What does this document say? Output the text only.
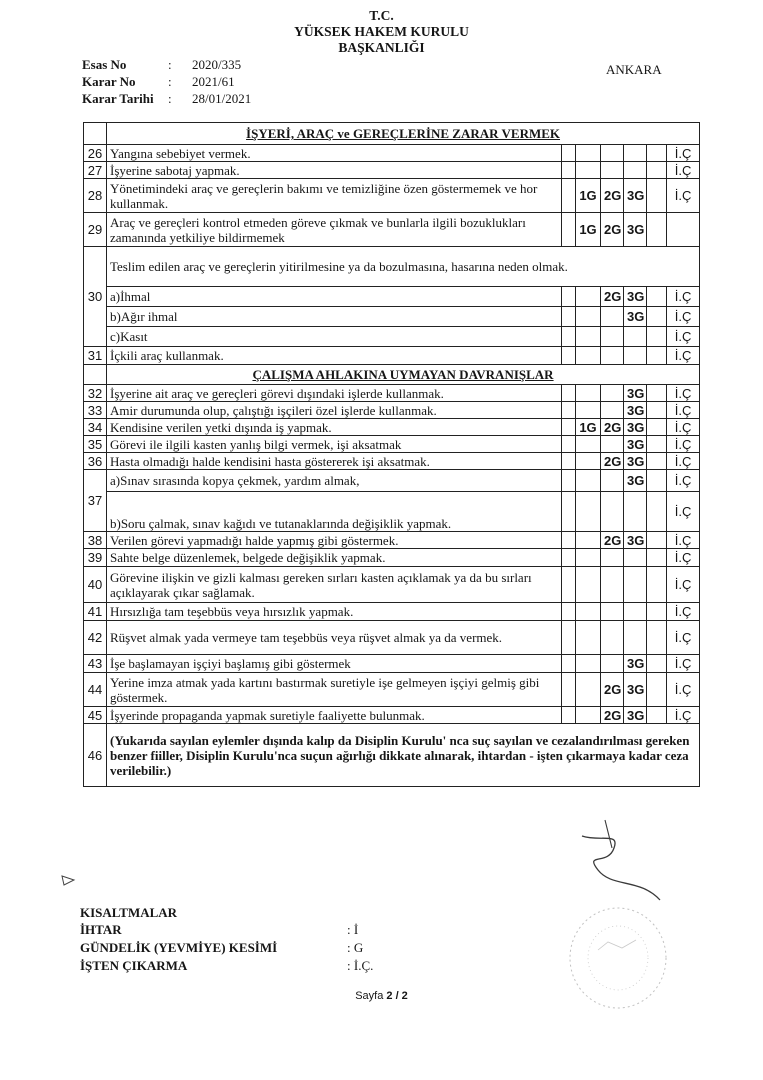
T.C.
YÜKSEK HAKEM KURULU
BAŞKANLIĞI
ANKARA
Esas No	: 2020/335
Karar No : 2021/61
Karar Tarihi : 28/01/2021
	İŞYERİ, ARAÇ ve GEREÇLERİNE ZARAR VERMEK						
26	Yangına sebebiyet vermek.						İ.Ç
27	İşyerine sabotaj yapmak.						İ.Ç
28	Yönetimindeki araç ve gereçlerin bakımı ve temizliğine özen göstermemek ve hor kullanmak.		1G	2G	3G		İ.Ç
29	Araç ve gereçleri kontrol etmeden göreve çıkmak ve bunlarla ilgili bozuklukları zamanında yetkiliye bildirmemek		1G	2G	3G		
30	Teslim edilen araç ve gereçlerin yitirilmesine ya da bozulmasına, hasarına neden olmak.						
	a)İhmal			2G	3G		İ.Ç
	b)Ağır ihmal				3G		İ.Ç
	c)Kasıt						İ.Ç
31	İçkili araç kullanmak.						İ.Ç
	ÇALIŞMA AHLAKINA UYMAYAN DAVRANIŞLAR						
32	İşyerine ait araç ve gereçleri görevi dışındaki işlerde kullanmak.				3G		İ.Ç
33	Amir durumunda olup, çalıştığı işçileri özel işlerde kullanmak.				3G		İ.Ç
34	Kendisine verilen yetki dışında iş yapmak.		1G	2G	3G		İ.Ç
35	Görevi ile ilgili kasten yanlış bilgi vermek, işi aksatmak				3G		İ.Ç
36	Hasta olmadığı halde kendisini hasta göstererek işi aksatmak.			2G	3G		İ.Ç
37	a)Sınav sırasında kopya çekmek, yardım almak,				3G		İ.Ç
	b)Soru çalmak, sınav kağıdı ve tutanaklarında değişiklik yapmak.						İ.Ç
38	Verilen görevi yapmadığı halde yapmış gibi göstermek.			2G	3G		İ.Ç
39	Sahte belge düzenlemek, belgede değişiklik yapmak.						İ.Ç
40	Görevine ilişkin ve gizli kalması gereken sırları kasten açıklamak ya da bu sırları açıklayarak çıkar sağlamak.						İ.Ç
41	Hırsızlığa tam teşebbüs veya hırsızlık yapmak.						İ.Ç
42	Rüşvet almak yada vermeye tam teşebbüs veya rüşvet almak ya da vermek.						İ.Ç
43	İşe başlamayan işçiyi başlamış gibi göstermek				3G		İ.Ç
44	Yerine imza atmak yada kartını bastırmak suretiyle işe gelmeyen işçiyi gelmiş gibi göstermek.			2G	3G		İ.Ç
45	İşyerinde propaganda yapmak suretiyle faaliyette bulunmak.			2G	3G		İ.Ç
46	(Yukarıda sayılan eylemler dışında kalıp da Disiplin Kurulu' nca suç sayılan ve cezalandırılması gereken benzer fiiller, Disiplin Kurulu'nca suçun ağırlığı dikkate alınarak, ihtardan - işten çıkarmaya kadar ceza verilebilir.)						
KISALTMALAR
İHTAR	: İ
GÜNDELİK (YEVMİYE) KESİMİ	: G
İŞTEN ÇIKARMA	: İ.Ç.
Sayfa 2 / 2
